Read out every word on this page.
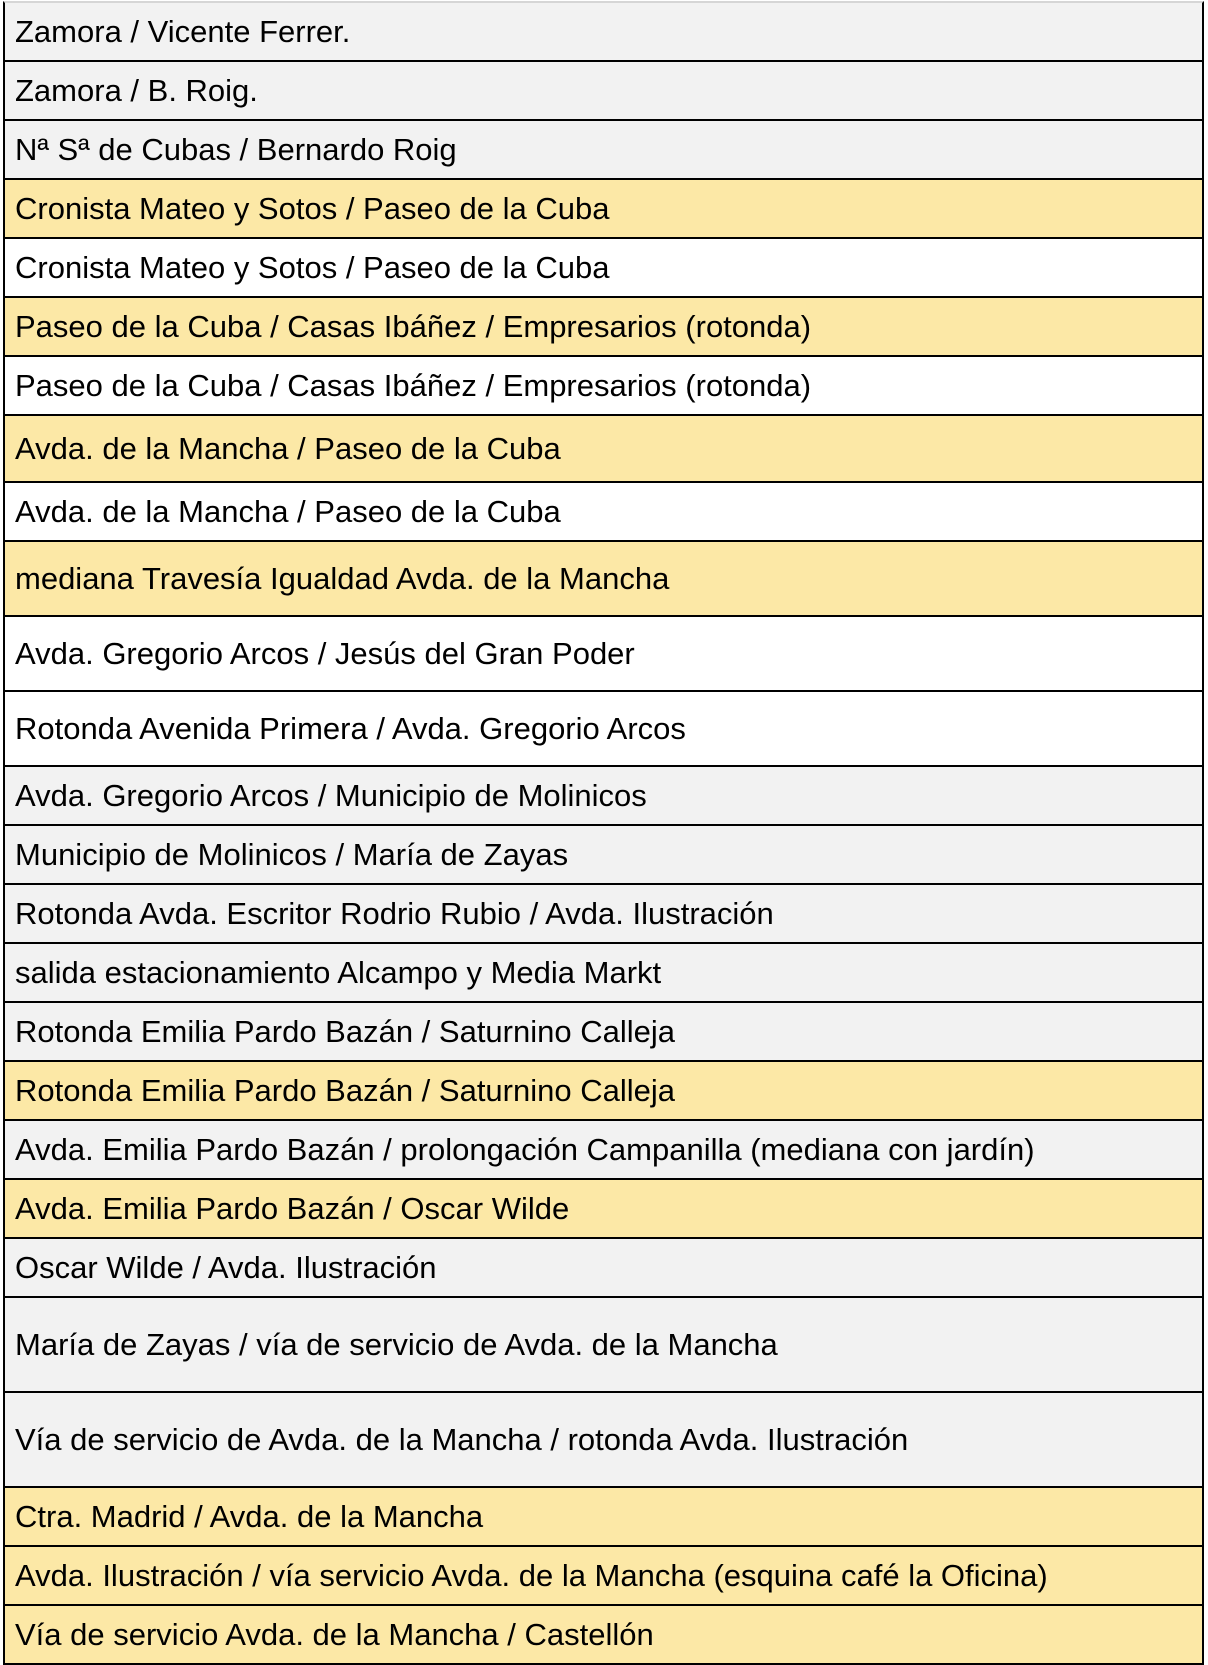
Zamora / Vicente Ferrer.
Zamora / B. Roig.
Nª Sª de Cubas / Bernardo Roig
Cronista Mateo y Sotos / Paseo de la Cuba
Cronista Mateo y Sotos / Paseo de la Cuba
Paseo de la Cuba / Casas Ibáñez / Empresarios (rotonda)
Paseo de la Cuba / Casas Ibáñez / Empresarios (rotonda)
Avda. de la Mancha / Paseo de la Cuba
Avda. de la Mancha / Paseo de la Cuba
mediana Travesía Igualdad Avda. de la Mancha
Avda. Gregorio Arcos / Jesús del Gran Poder
Rotonda Avenida Primera / Avda. Gregorio Arcos
Avda. Gregorio Arcos / Municipio de Molinicos
Municipio de Molinicos / María de Zayas
Rotonda Avda. Escritor Rodrio Rubio / Avda. Ilustración
salida estacionamiento Alcampo y Media Markt
Rotonda Emilia Pardo Bazán / Saturnino Calleja
Rotonda Emilia Pardo Bazán / Saturnino Calleja
Avda. Emilia Pardo Bazán / prolongación Campanilla (mediana con jardín)
Avda. Emilia Pardo Bazán / Oscar Wilde
Oscar Wilde / Avda. Ilustración
María de Zayas / vía de servicio de Avda. de la Mancha
Vía de servicio de Avda. de la Mancha / rotonda Avda. Ilustración
Ctra. Madrid / Avda. de la Mancha
Avda. Ilustración / vía servicio Avda. de la Mancha (esquina café la Oficina)
Vía de servicio Avda. de la Mancha / Castellón
